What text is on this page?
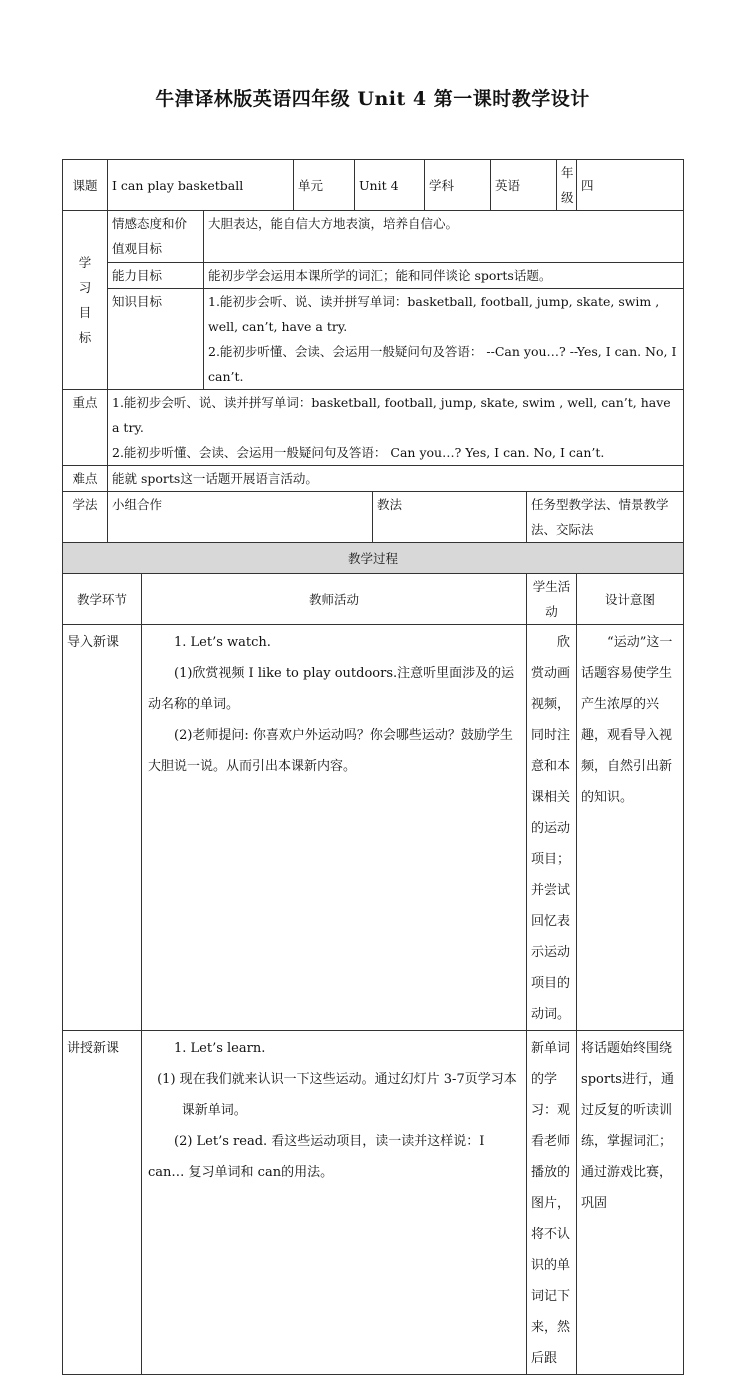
牛津译林版英语四年级 Unit 4 第一课时教学设计
课题	I can play basketball			单元	Unit 4		学科	英语		年级	四
学习目标	情感态度和价值观目标		大胆表达，能自信大方地表演，培养自信心。								
	能力目标		能初步学会运用本课所学的词汇；能和同伴谈论 sports话题。								
	知识目标		1.能初步会听、说、读并拼写单词：basketball, football, jump, skate, swim , well, can’t, have a try.

2.能初步听懂、会读、会运用一般疑问句及答语： --Can you…? --Yes, I can. No, I can’t.								

重点	1.能初步会听、说、读并拼写单词：basketball, football, jump, skate, swim , well, can’t, have a try.

2.能初步听懂、会读、会运用一般疑问句及答语： Can you…? Yes, I can. No, I can’t.										

难点	能就 sports这一话题开展语言活动。										
学法	小组合作					教法			任务型教学法、情景教学法、交际法		
教学过程											
教学环节		教师活动							学生活动		设计意图
导入新课		1. Let’s watch.

(1)欣赏视频 I like to play outdoors.注意听里面涉及的运动名称的单词。

(2)老师提问: 你喜欢户外运动吗？你会哪些运动？鼓励学生大胆说一说。从而引出本课新内容。							欣赏动画视频，同时注意和本课相关的运动项目；并尝试回忆表示运动项目的动词。		“运动”这一话题容易使学生产生浓厚的兴趣，观看导入视频，自然引出新的知识。
讲授新课		1. Let’s learn.

(1) 现在我们就来认识一下这些运动。通过幻灯片 3-7页学习本课新单词。

(2) Let’s read. 看这些运动项目，读一读并这样说：I can… 复习单词和 can的用法。							新单词的学习：观看老师播放的图片，将不认识的单词记下来，然后跟		将话题始终围绕 sports进行，通过反复的听读训练，掌握词汇；通过游戏比赛，巩固
